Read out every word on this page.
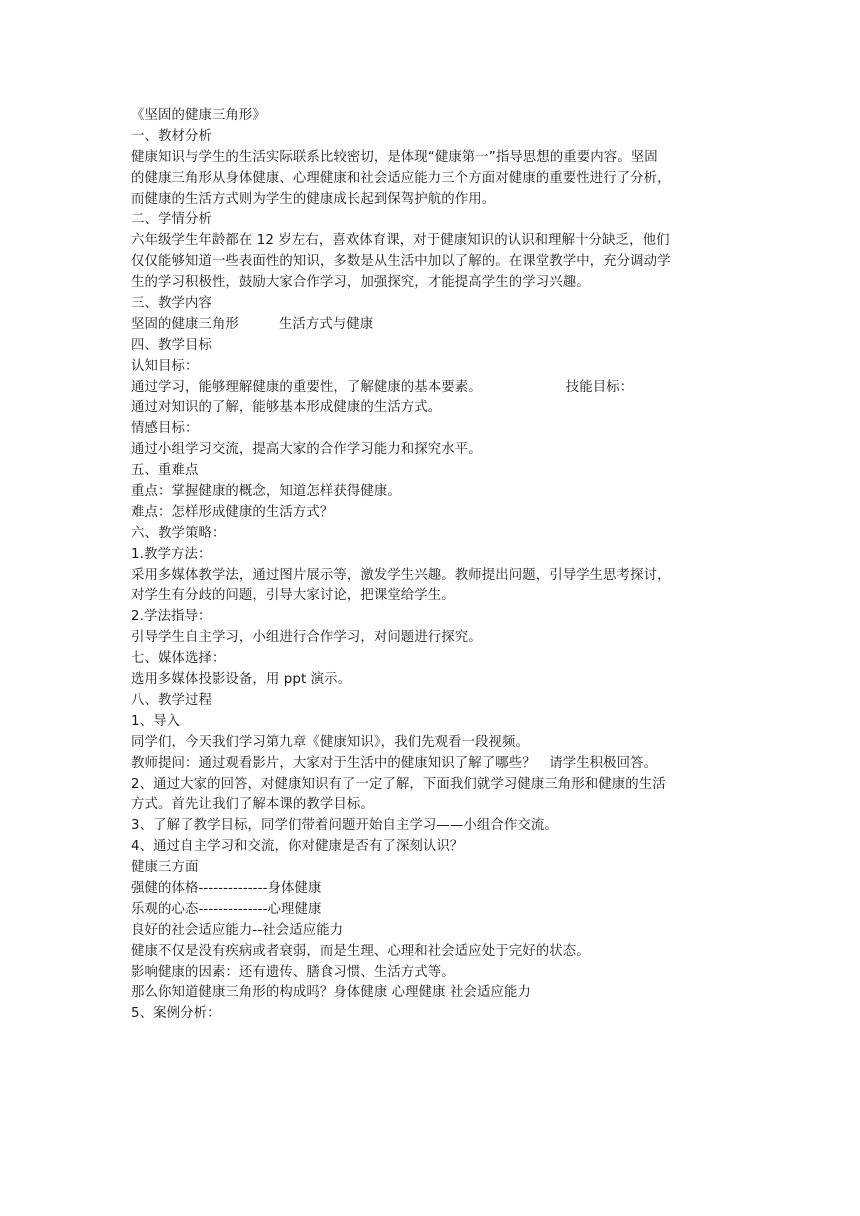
《坚固的健康三角形》
一、教材分析
健康知识与学生的生活实际联系比较密切，是体现“健康第一”指导思想的重要内容。坚固
的健康三角形从身体健康、心理健康和社会适应能力三个方面对健康的重要性进行了分析，
而健康的生活方式则为学生的健康成长起到保驾护航的作用。
二、学情分析
六年级学生年龄都在 12 岁左右，喜欢体育课，对于健康知识的认识和理解十分缺乏，他们
仅仅能够知道一些表面性的知识，多数是从生活中加以了解的。在课堂教学中，充分调动学
生的学习积极性，鼓励大家合作学习，加强探究，才能提高学生的学习兴趣。
三、教学内容
坚固的健康三角形	生活方式与健康
四、教学目标
认知目标：
通过学习，能够理解健康的重要性，了解健康的基本要素。	技能目标：
通过对知识的了解，能够基本形成健康的生活方式。
情感目标：
通过小组学习交流，提高大家的合作学习能力和探究水平。
五、重难点
重点：掌握健康的概念，知道怎样获得健康。
难点：怎样形成健康的生活方式？
六、教学策略：
1.教学方法：
采用多媒体教学法，通过图片展示等，激发学生兴趣。教师提出问题，引导学生思考探讨，
对学生有分歧的问题，引导大家讨论，把课堂给学生。
2.学法指导：
引导学生自主学习，小组进行合作学习，对问题进行探究。
七、媒体选择：
选用多媒体投影设备，用 ppt 演示。
八、教学过程
1、导入
同学们，今天我们学习第九章《健康知识》，我们先观看一段视频。
教师提问：通过观看影片，大家对于生活中的健康知识了解了哪些？　请学生积极回答。
2、通过大家的回答，对健康知识有了一定了解，下面我们就学习健康三角形和健康的生活
方式。首先让我们了解本课的教学目标。
3、了解了教学目标，同学们带着问题开始自主学习——小组合作交流。
4、通过自主学习和交流，你对健康是否有了深刻认识？
健康三方面
强健的体格--------------身体健康
乐观的心态--------------心理健康
良好的社会适应能力--社会适应能力
健康不仅是没有疾病或者衰弱，而是生理、心理和社会适应处于完好的状态。
影响健康的因素：还有遗传、膳食习惯、生活方式等。
那么你知道健康三角形的构成吗？身体健康 心理健康 社会适应能力
5、案例分析：
